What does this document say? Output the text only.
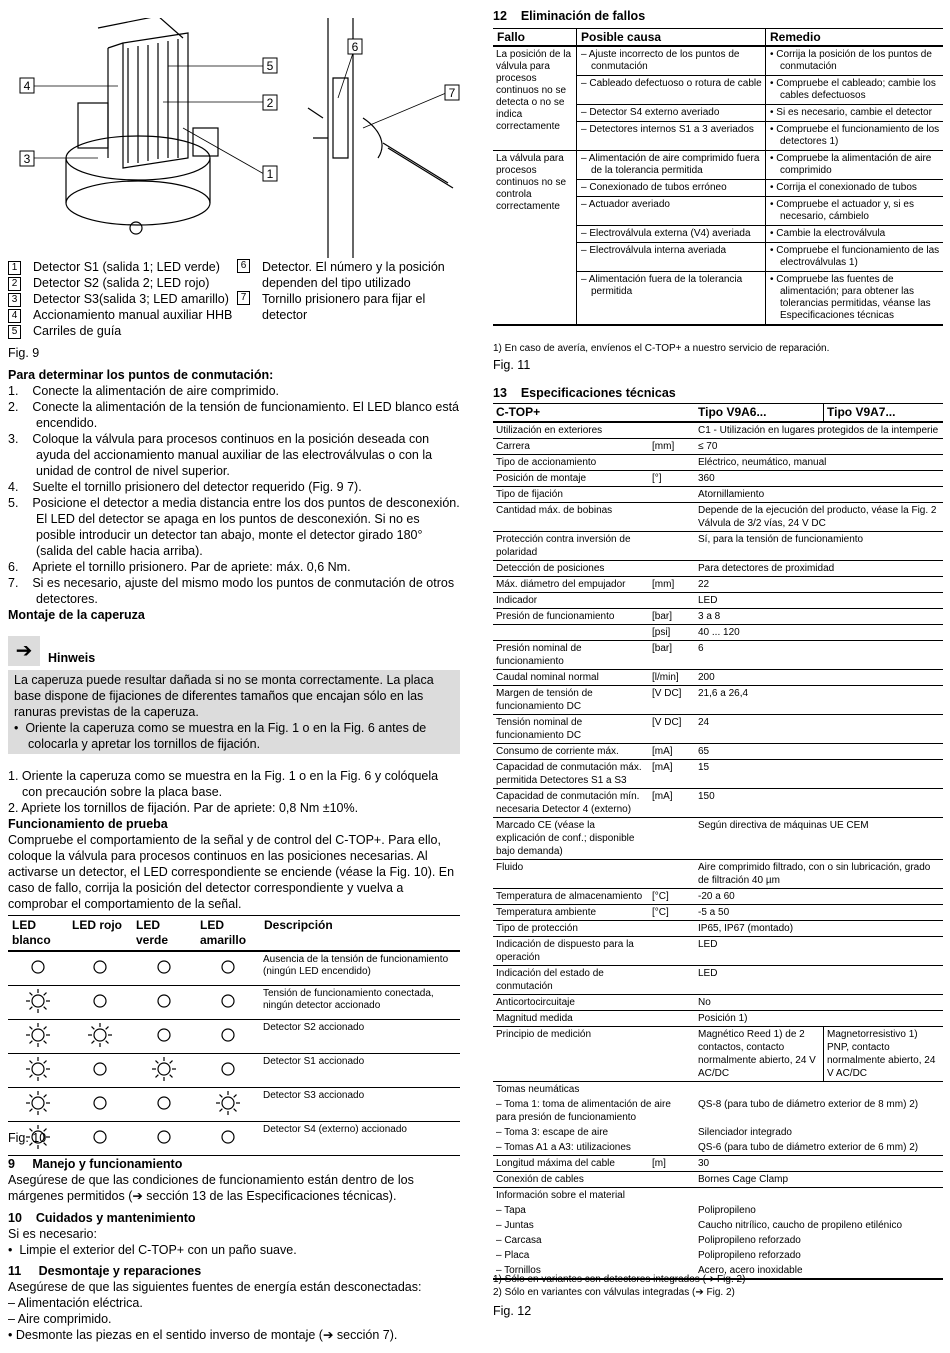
4
3
5
2
1
6
7
1 Detector S1 (salida 1; LED verde)
2 Detector S2 (salida 2; LED rojo)
3 Detector S3(salida 3; LED amarillo)
4 Accionamiento manual auxiliar HHB
5 Carriles de guía
6 Detector. El número y la posición dependen del tipo utilizado
7 Tornillo prisionero para fijar el detector
Fig. 9
Para determinar los puntos de conmutación:
1. Conecte la alimentación de aire comprimido.
2. Conecte la alimentación de la tensión de funcionamiento. El LED blanco está encendido.
3. Coloque la válvula para procesos continuos en la posición deseada con ayuda del accionamiento manual auxiliar de las electroválvulas o con la unidad de control de nivel superior.
4. Suelte el tornillo prisionero del detector requerido (Fig. 9 7).
5. Posicione el detector a media distancia entre los dos puntos de desconexión. El LED del detector se apaga en los puntos de desconexión. Si no es posible introducir un detector tan abajo, monte el detector girado 180° (salida del cable hacia arriba).
6. Apriete el tornillo prisionero. Par de apriete: máx. 0,6 Nm.
7. Si es necesario, ajuste del mismo modo los puntos de conmutación de otros detectores.
Montaje de la caperuza
➔	Hinweis
La caperuza puede resultar dañada si no se monta correctamente. La placa base dispone de fijaciones de diferentes tamaños que encajan sólo en las ranuras previstas de la caperuza.
•  Oriente la caperuza como se muestra en la Fig. 1 o en la Fig. 6 antes de colocarla y apretar los tornillos de fijación.
1. Oriente la caperuza como se muestra en la Fig. 1 o en la Fig. 6 y colóquela con precaución sobre la placa base.
2. Apriete los tornillos de fijación. Par de apriete: 0,8 Nm ±10%.
Funcionamiento de prueba
Compruebe el comportamiento de la señal y de control del C-TOP+. Para ello, coloque la válvula para procesos continuos en las posiciones necesarias. Al activarse un detector, el LED correspondiente se enciende (véase la Fig. 10). En caso de fallo, corrija la posición del detector correspondiente y vuelva a comprobar el comportamiento de la señal.
LED blanco	LED rojo	LED verde	LED amarillo	Descripción
				Ausencia de la tensión de funcionamiento (ningún LED encendido)
				Tensión de funcionamiento conectada, ningún detector accionado
				Detector S2 accionado
				Detector S1 accionado
				Detector S3 accionado
				Detector S4 (externo) accionado
Fig. 10
9 Manejo y funcionamiento
Asegúrese de que las condiciones de funcionamiento están dentro de los márgenes permitidos (➔ sección 13 de las Especificaciones técnicas).
10 Cuidados y mantenimiento
Si es necesario:
•  Limpie el exterior del C-TOP+ con un paño suave.
11 Desmontaje y reparaciones
Asegúrese de que las siguientes fuentes de energía están desconectadas:
– Alimentación eléctrica.
– Aire comprimido.
• Desmonte las piezas en el sentido inverso de montaje (➔ sección 7).
12 Eliminación de fallos
Fallo	Posible causa	Remedio
La posición de la válvula para procesos continuos no se detecta o no se indica correctamente	– Ajuste incorrecto de los puntos de conmutación	• Corrija la posición de los puntos de conmutación
	– Cableado defectuoso o rotura de cable	• Compruebe el cableado; cambie los cables defectuosos
	– Detector S4 externo averiado	• Si es necesario, cambie el detector
	– Detectores internos S1 a 3 averiados	• Compruebe el funcionamiento de los detectores 1)
La válvula para procesos continuos no se controla correctamente	– Alimentación de aire comprimido fuera de la tolerancia permitida	• Compruebe la alimentación de aire comprimido
	– Conexionado de tubos erróneo	• Corrija el conexionado de tubos
	– Actuador averiado	• Compruebe el actuador y, si es necesario, cámbielo
	– Electroválvula externa (V4) averiada	• Cambie la electroválvula
	– Electroválvula interna averiada	• Compruebe el funcionamiento de las electroválvulas 1)
	– Alimentación fuera de la tolerancia permitida	• Compruebe las fuentes de alimentación; para obtener las tolerancias permitidas, véanse las Especificaciones técnicas
1) En caso de avería, envíenos el C-TOP+ a nuestro servicio de reparación.
Fig. 11
13 Especificaciones técnicas
C-TOP+		Tipo V9A6...	Tipo V9A7...
Utilización en exteriores		C1 - Utilización en lugares protegidos de la intemperie	
Carrera	[mm]	≤ 70	
Tipo de accionamiento		Eléctrico, neumático, manual	
Posición de montaje	[°]	360	
Tipo de fijación		Atornillamiento	
Cantidad máx. de bobinas		Depende de la ejecución del producto, véase la Fig. 2 Válvula de 3/2 vías, 24 V DC	
Protección contra inversión de polaridad		Sí, para la tensión de funcionamiento	
Detección de posiciones		Para detectores de proximidad	
Máx. diámetro del empujador	[mm]	22	
Indicador		LED	
Presión de funcionamiento	[bar]	3 a 8	
	[psi]	40 ... 120	
Presión nominal de funcionamiento	[bar]	6	
Caudal nominal normal	[l/min]	200	
Margen de tensión de funcionamiento DC	[V DC]	21,6 a 26,4	
Tensión nominal de funcionamiento DC	[V DC]	24	
Consumo de corriente máx.	[mA]	65	
Capacidad de conmutación máx. permitida Detectores S1 a S3	[mA]	15	
Capacidad de conmutación mín. necesaria Detector 4 (externo)	[mA]	150	
Marcado CE (véase la explicación de conf.; disponible bajo demanda)		Según directiva de máquinas UE CEM	
Fluido		Aire comprimido filtrado, con o sin lubricación, grado de filtración 40 µm	
Temperatura de almacenamiento	[°C]	-20 a 60	
Temperatura ambiente	[°C]	-5 a 50	
Tipo de protección		IP65, IP67 (montado)	
Indicación de dispuesto para la operación		LED	
Indicación del estado de conmutación		LED	
Anticortocircuitaje		No	
Magnitud medida		Posición 1)	
Principio de medición		Magnético Reed 1) de 2 contactos, contacto normalmente abierto, 24 V AC/DC	Magnetorresistivo 1) PNP, contacto normalmente abierto, 24 V AC/DC
Tomas neumáticas			
– Toma 1: toma de alimentación de aire para presión de funcionamiento		QS-8 (para tubo de diámetro exterior de 8 mm) 2)	
– Toma 3: escape de aire		Silenciador integrado	
– Tomas A1 a A3: utilizaciones		QS-6 (para tubo de diámetro exterior de 6 mm) 2)	
Longitud máxima del cable	[m]	30	
Conexión de cables		Bornes Cage Clamp	
Información sobre el material			
– Tapa		Polipropileno	
– Juntas		Caucho nitrílico, caucho de propileno etilénico	
– Carcasa		Polipropileno reforzado	
– Placa		Polipropileno reforzado	
– Tornillos		Acero, acero inoxidable	
1) Sólo en variantes con detectores integrados (➔ Fig. 2)
2) Sólo en variantes con válvulas integradas (➔ Fig. 2)
Fig. 12
